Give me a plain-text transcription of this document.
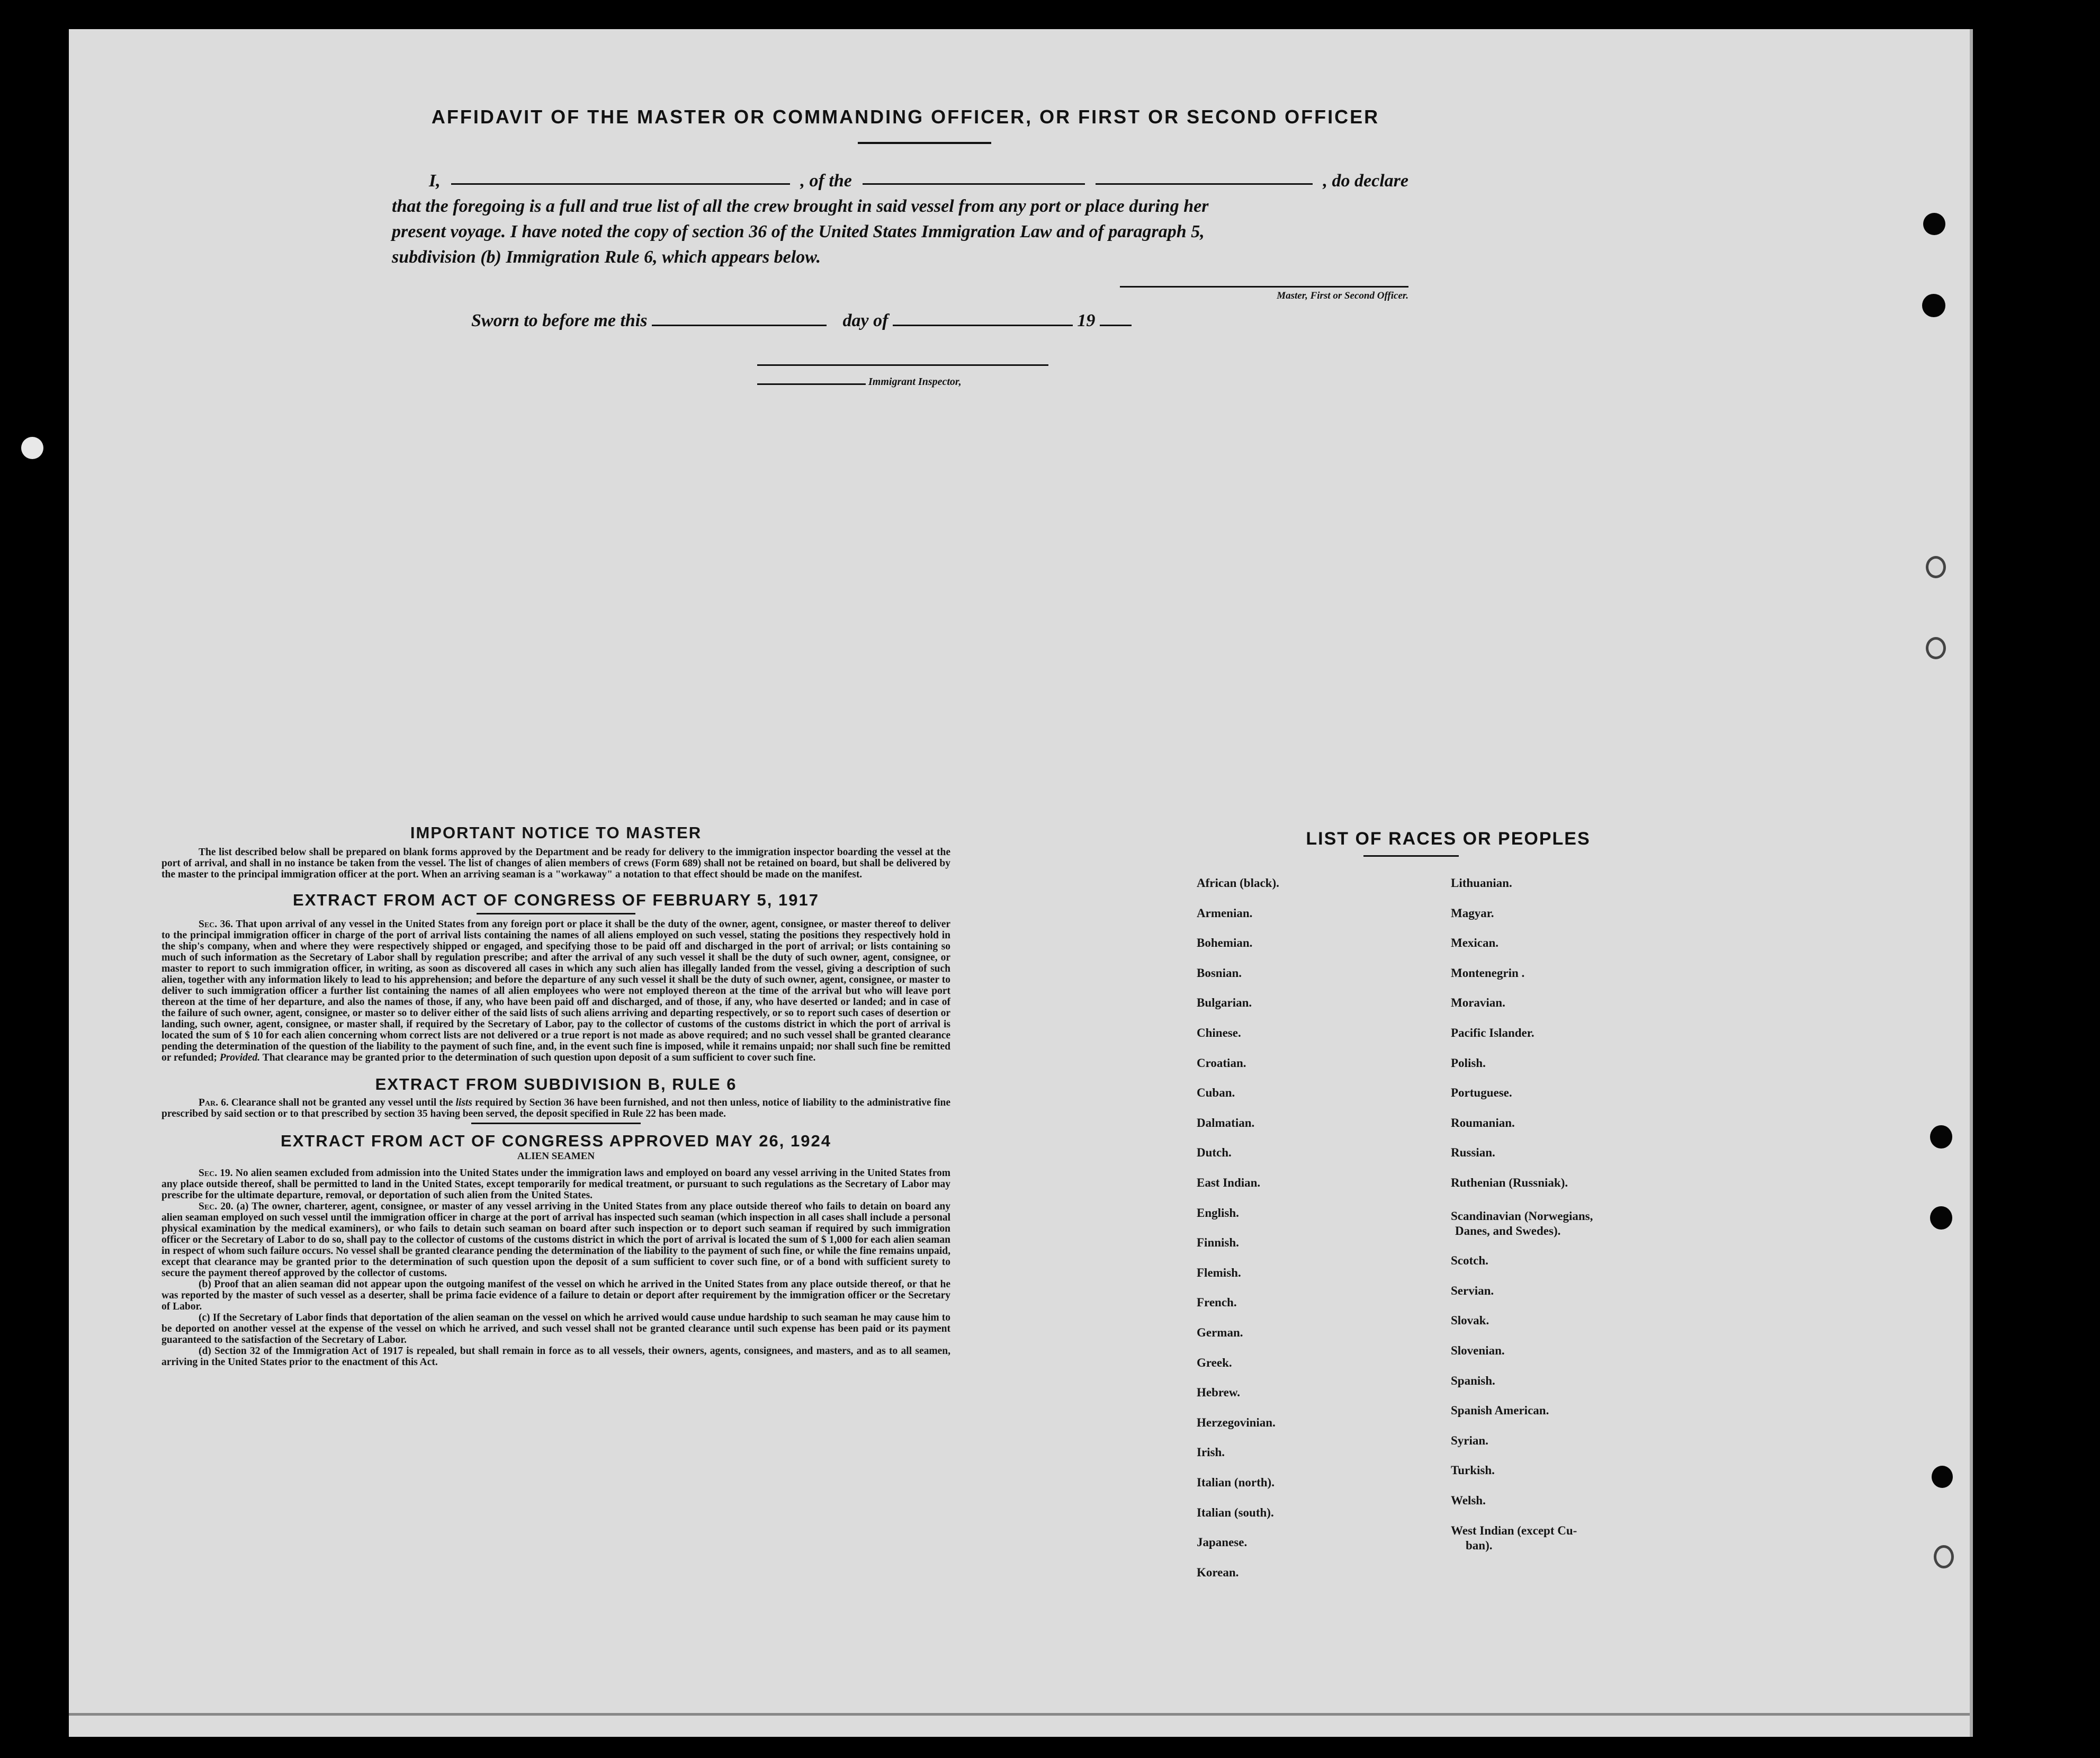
AFFIDAVIT OF THE MASTER OR COMMANDING OFFICER, OR FIRST OR SECOND OFFICER
I,	, of the	, do declare
that the foregoing is a full and true list of all the crew brought in said vessel from any port or place during her
present voyage. I have noted the copy of section 36 of the United States Immigration Law and of paragraph 5,
subdivision (b) Immigration Rule 6, which appears below.
Master, First or Second Officer.
Sworn to before me this	day of	19
Immigrant Inspector,
IMPORTANT NOTICE TO MASTER

The list described below shall be prepared on blank forms approved by the Department and be ready for delivery to the immigration inspector boarding the vessel at the port of arrival, and shall in no instance be taken from the vessel. The list of changes of alien members of crews (Form 689) shall not be retained on board, but shall be delivered by the master to the principal immigration officer at the port. When an arriving seaman is a "workaway" a notation to that effect should be made on the manifest.

EXTRACT FROM ACT OF CONGRESS OF FEBRUARY 5, 1917

Sec. 36. That upon arrival of any vessel in the United States from any foreign port or place it shall be the duty of the owner, agent, consignee, or master thereof to deliver to the principal immigration officer in charge of the port of arrival lists containing the names of all aliens employed on such vessel, stating the positions they respectively hold in the ship's company, when and where they were respectively shipped or engaged, and specifying those to be paid off and discharged in the port of arrival; or lists containing so much of such information as the Secretary of Labor shall by regulation prescribe; and after the arrival of any such vessel it shall be the duty of such owner, agent, consignee, or master to report to such immigration officer, in writing, as soon as discovered all cases in which any such alien has illegally landed from the vessel, giving a description of such alien, together with any information likely to lead to his apprehension; and before the departure of any such vessel it shall be the duty of such owner, agent, consignee, or master to deliver to such immigration officer a further list containing the names of all alien employees who were not employed thereon at the time of the arrival but who will leave port thereon at the time of her departure, and also the names of those, if any, who have been paid off and discharged, and of those, if any, who have deserted or landed; and in case of the failure of such owner, agent, consignee, or master so to deliver either of the said lists of such aliens arriving and departing respectively, or so to report such cases of desertion or landing, such owner, agent, consignee, or master shall, if required by the Secretary of Labor, pay to the collector of customs of the customs district in which the port of arrival is located the sum of $ 10 for each alien concerning whom correct lists are not delivered or a true report is not made as above required; and no such vessel shall be granted clearance pending the determination of the question of the liability to the payment of such fine, and, in the event such fine is imposed, while it remains unpaid; nor shall such fine be remitted or refunded; Provided. That clearance may be granted prior to the determination of such question upon deposit of a sum sufficient to cover such fine.

EXTRACT FROM SUBDIVISION B, RULE 6

Par. 6. Clearance shall not be granted any vessel until the lists required by Section 36 have been furnished, and not then unless, notice of liability to the administrative fine prescribed by said section or to that prescribed by section 35 having been served, the deposit specified in Rule 22 has been made.

EXTRACT FROM ACT OF CONGRESS APPROVED MAY 26, 1924
ALIEN SEAMEN

Sec. 19. No alien seamen excluded from admission into the United States under the immigration laws and employed on board any vessel arriving in the United States from any place outside thereof, shall be permitted to land in the United States, except temporarily for medical treatment, or pursuant to such regulations as the Secretary of Labor may prescribe for the ultimate departure, removal, or deportation of such alien from the United States.

Sec. 20. (a) The owner, charterer, agent, consignee, or master of any vessel arriving in the United States from any place outside thereof who fails to detain on board any alien seaman employed on such vessel until the immigration officer in charge at the port of arrival has inspected such seaman (which inspection in all cases shall include a personal physical examination by the medical examiners), or who fails to detain such seaman on board after such inspection or to deport such seaman if required by such immigration officer or the Secretary of Labor to do so, shall pay to the collector of customs of the customs district in which the port of arrival is located the sum of $ 1,000 for each alien seaman in respect of whom such failure occurs. No vessel shall be granted clearance pending the determination of the liability to the payment of such fine, or while the fine remains unpaid, except that clearance may be granted prior to the determination of such question upon the deposit of a sum sufficient to cover such fine, or of a bond with sufficient surety to secure the payment thereof approved by the collector of customs.

(b) Proof that an alien seaman did not appear upon the outgoing manifest of the vessel on which he arrived in the United States from any place outside thereof, or that he was reported by the master of such vessel as a deserter, shall be prima facie evidence of a failure to detain or deport after requirement by the immigration officer or the Secretary of Labor.

(c) If the Secretary of Labor finds that deportation of the alien seaman on the vessel on which he arrived would cause undue hardship to such seaman he may cause him to be deported on another vessel at the expense of the vessel on which he arrived, and such vessel shall not be granted clearance until such expense has been paid or its payment guaranteed to the satisfaction of the Secretary of Labor.

(d) Section 32 of the Immigration Act of 1917 is repealed, but shall remain in force as to all vessels, their owners, agents, consignees, and masters, and as to all seamen, arriving in the United States prior to the enactment of this Act.

LIST OF RACES OR PEOPLES
African (black).
Armenian.
Bohemian.
Bosnian.
Bulgarian.
Chinese.
Croatian.
Cuban.
Dalmatian.
Dutch.
East Indian.
English.
Finnish.
Flemish.
French.
German.
Greek.
Hebrew.
Herzegovinian.
Irish.
Italian (north).
Italian (south).
Japanese.
Korean.
Lithuanian.
Magyar.
Mexican.
Montenegrin .
Moravian.
Pacific Islander.
Polish.
Portuguese.
Roumanian.
Russian.
Ruthenian (Russniak).
Scandinavian (Norwegians,
Danes, and Swedes).
Scotch.
Servian.
Slovak.
Slovenian.
Spanish.
Spanish American.
Syrian.
Turkish.
Welsh.
West Indian (except Cu-
ban).
